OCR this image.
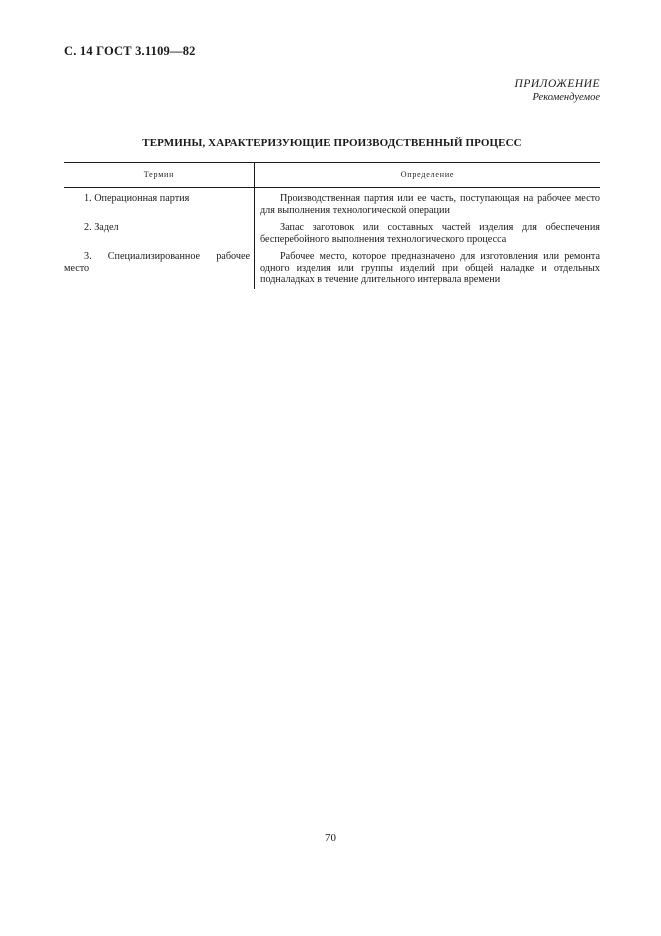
С. 14 ГОСТ 3.1109—82
ПРИЛОЖЕНИЕ
Рекомендуемое
ТЕРМИНЫ, ХАРАКТЕРИЗУЮЩИЕ ПРОИЗВОДСТВЕННЫЙ ПРОЦЕСС
Термин	Определение
1. Операционная партия	Производственная партия или ее часть, поступающая на рабочее место для выполнения технологической операции
2. Задел	Запас заготовок или составных частей изделия для обеспечения бесперебойного выполнения технологического процесса
3. Специализированное рабочее место	Рабочее место, которое предназначено для изготовления или ремонта одного изделия или группы изделий при общей наладке и отдельных подналадках в течение длительного интервала времени
70
